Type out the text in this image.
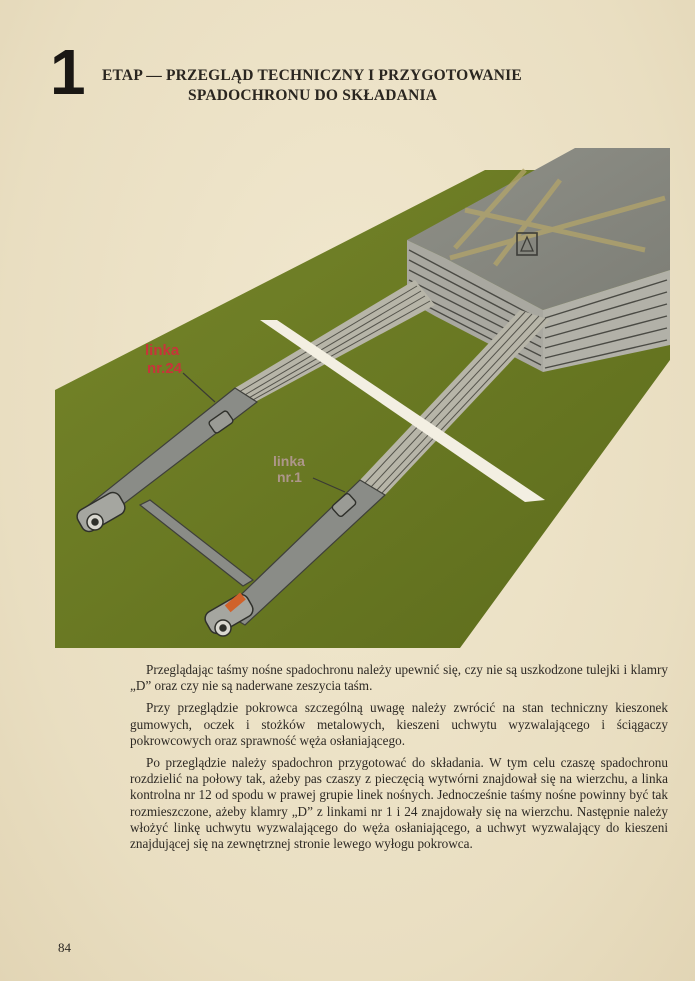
1 ETAP — PRZEGLĄD TECHNICZNY I PRZYGOTOWANIE
SPADOCHRONU DO SKŁADANIA
linka
nr.24
linka
nr.1

Przeglądając taśmy nośne spadochronu należy upewnić się, czy nie są uszkodzone tulejki i klamry „D” oraz czy nie są naderwane zeszycia taśm.

Przy przeglądzie pokrowca szczególną uwagę należy zwrócić na stan techniczny kieszonek gumowych, oczek i stożków metalowych, kieszeni uchwytu wyzwalającego i ściągaczy pokrowcowych oraz sprawność węża osłaniającego.

Po przeglądzie należy spadochron przygotować do składania. W tym celu czaszę spadochronu rozdzielić na połowy tak, ażeby pas czaszy z pieczęcią wytwórni znajdował się na wierzchu, a linka kontrolna nr 12 od spodu w prawej grupie linek nośnych. Jednocześnie taśmy nośne powinny być tak rozmieszczone, ażeby klamry „D” z linkami nr 1 i 24 znajdowały się na wierzchu. Następnie należy włożyć linkę uchwytu wyzwalającego do węża osłaniającego, a uchwyt wyzwalający do kieszeni znajdującej się na zewnętrznej stronie lewego wyłogu pokrowca.

84
